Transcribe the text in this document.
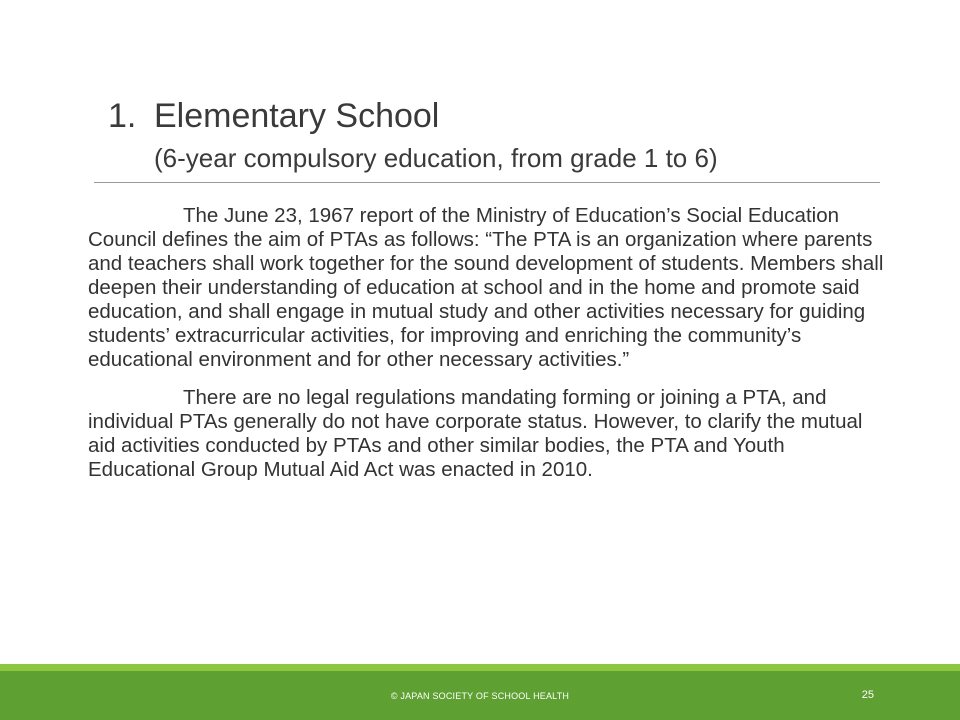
1. Elementary School
(6-year compulsory education, from grade 1 to 6)

The June 23, 1967 report of the Ministry of Education’s Social Education Council defines the aim of PTAs as follows: “The PTA is an organization where parents and teachers shall work together for the sound development of students. Members shall deepen their understanding of education at school and in the home and promote said education, and shall engage in mutual study and other activities necessary for guiding students’ extracurricular activities, for improving and enriching the community’s educational environment and for other necessary activities.”

There are no legal regulations mandating forming or joining a PTA, and individual PTAs generally do not have corporate status. However, to clarify the mutual aid activities conducted by PTAs and other similar bodies, the PTA and Youth Educational Group Mutual Aid Act was enacted in 2010.

© JAPAN SOCIETY OF SCHOOL HEALTH	25
